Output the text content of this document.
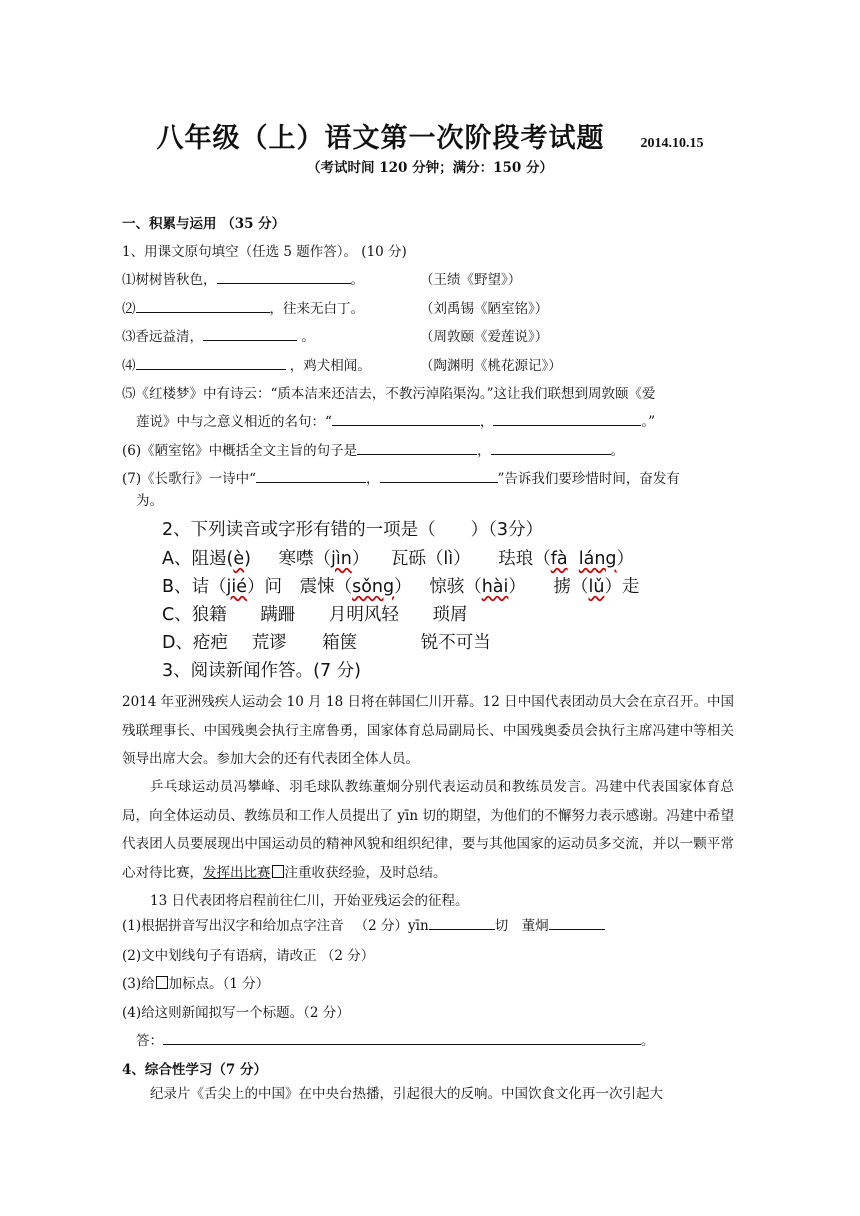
八年级（上）语文第一次阶段考试题	2014.10.15
（考试时间 120 分钟；满分：150 分）
一、积累与运用 （35 分）
1、用课文原句填空（任选 5 题作答）。 (10 分)
⑴树树皆秋色，	。	（王绩《野望》）
⑵	，往来无白丁。	（刘禹锡《陋室铭》）
⑶香远益清，	。	（周敦颐《爱莲说》）
⑷	，鸡犬相闻。	（陶渊明《桃花源记》）
⑸《红楼梦》中有诗云：“质本洁来还洁去，不教污淖陷渠沟。”这让我们联想到周敦颐《爱
莲说》中与之意义相近的名句：“	，	。”
(6)《陋室铭》中概括全文主旨的句子是	，	。
(7)《长歌行》一诗中“	，	”告诉我们要珍惜时间，奋发有
为。
2、下列读音或字形有错的一项是（　　）（3分）
A、阻遏(è) 寒噤（jìn） 瓦砾（lì） 珐琅（fà láng）
B、诘（jié）问 震悚（sǒng） 惊骇（hài） 掳（lǔ）走
C、狼籍 蹒跚 月明风轻 琐屑
D、疮疤 荒谬 箱箧	锐不可当
3、阅读新闻作答。(7 分)
2014 年亚洲残疾人运动会 10 月 18 日将在韩国仁川开幕。12 日中国代表团动员大会在京召开。中国残联理事长、中国残奥会执行主席鲁勇，国家体育总局副局长、中国残奥委员会执行主席冯建中等相关领导出席大会。参加大会的还有代表团全体人员。
乒乓球运动员冯攀峰、羽毛球队教练董炯分别代表运动员和教练员发言。冯建中代表国家体育总局，向全体运动员、教练员和工作人员提出了 yīn 切的期望，为他们的不懈努力表示感谢。冯建中希望代表团人员要展现出中国运动员的精神风貌和组织纪律，要与其他国家的运动员多交流，并以一颗平常心对待比赛，发挥出比赛 注重收获经验，及时总结。
13 日代表团将启程前往仁川，开始亚残运会的征程。
(1)根据拼音写出汉字和给加点字注音 　（2 分）yīn	切　董炯
(2)文中划线句子有语病，请改正 （2 分）
(3)给 加标点。（1 分）
(4)给这则新闻拟写一个标题。（2 分）
答：	。
4、综合性学习（7 分）
纪录片《舌尖上的中国》在中央台热播，引起很大的反响。中国饮食文化再一次引起大
